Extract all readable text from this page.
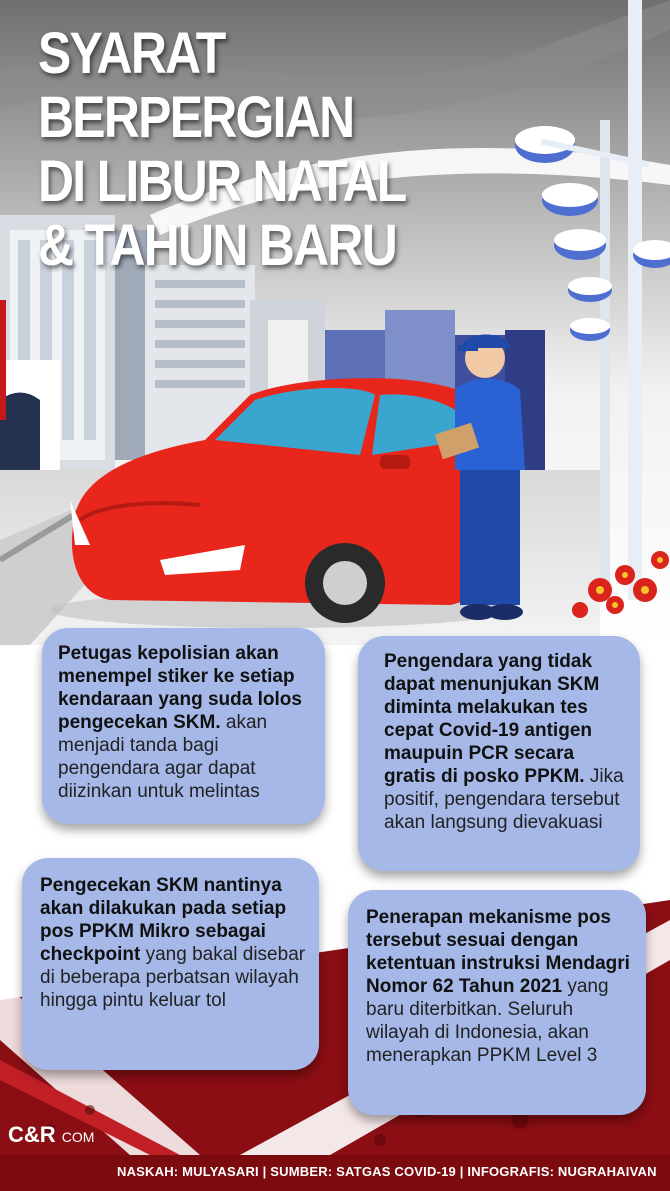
SYARAT BERPERGIAN
DI LIBUR NATAL
& TAHUN BARU
Petugas kepolisian akan menempel stiker ke setiap kendaraan yang suda lolos pengecekan SKM. akan menjadi tanda bagi pengendara agar dapat diizinkan untuk melintas
Pengendara yang tidak dapat menunjukan SKM diminta melakukan tes cepat Covid-19 antigen maupuin PCR secara gratis di posko PPKM. Jika positif, pengendara tersebut akan langsung dievakuasi
Pengecekan SKM nantinya akan dilakukan pada setiap pos PPKM Mikro sebagai checkpoint yang bakal disebar di beberapa perbatsan wilayah hingga pintu keluar tol
Penerapan mekanisme pos tersebut sesuai dengan ketentuan instruksi Mendagri Nomor 62 Tahun 2021 yang baru diterbitkan. Seluruh wilayah di Indonesia, akan menerapkan PPKM Level 3
C&R COM
NASKAH: MULYASARI | SUMBER: SATGAS COVID-19 | INFOGRAFIS: NUGRAHAIVAN
